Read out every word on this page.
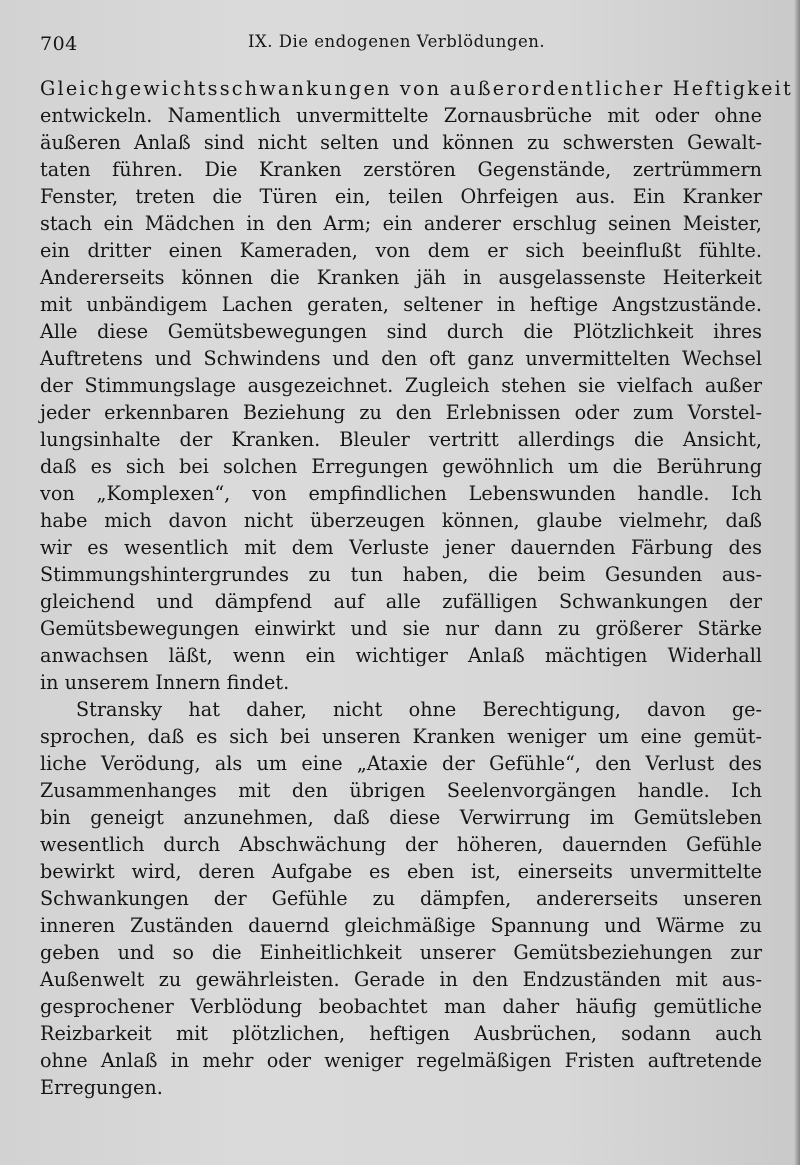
704	IX. Die endogenen Verblödungen.
Gleichgewichtsschwankungen von außerordentlicher Heftigkeit
entwickeln. Namentlich unvermittelte Zornausbrüche mit oder ohne
äußeren Anlaß sind nicht selten und können zu schwersten Gewalt-
taten führen. Die Kranken zerstören Gegenstände, zertrümmern
Fenster, treten die Türen ein, teilen Ohrfeigen aus. Ein Kranker
stach ein Mädchen in den Arm; ein anderer erschlug seinen Meister,
ein dritter einen Kameraden, von dem er sich beeinflußt fühlte.
Andererseits können die Kranken jäh in ausgelassenste Heiterkeit
mit unbändigem Lachen geraten, seltener in heftige Angstzustände.
Alle diese Gemütsbewegungen sind durch die Plötzlichkeit ihres
Auftretens und Schwindens und den oft ganz unvermittelten Wechsel
der Stimmungslage ausgezeichnet. Zugleich stehen sie vielfach außer
jeder erkennbaren Beziehung zu den Erlebnissen oder zum Vorstel-
lungsinhalte der Kranken. Bleuler vertritt allerdings die Ansicht,
daß es sich bei solchen Erregungen gewöhnlich um die Berührung
von „Komplexen“, von empfindlichen Lebenswunden handle. Ich
habe mich davon nicht überzeugen können, glaube vielmehr, daß
wir es wesentlich mit dem Verluste jener dauernden Färbung des
Stimmungshintergrundes zu tun haben, die beim Gesunden aus-
gleichend und dämpfend auf alle zufälligen Schwankungen der
Gemütsbewegungen einwirkt und sie nur dann zu größerer Stärke
anwachsen läßt, wenn ein wichtiger Anlaß mächtigen Widerhall
in unserem Innern findet.
Stransky hat daher, nicht ohne Berechtigung, davon ge-
sprochen, daß es sich bei unseren Kranken weniger um eine gemüt-
liche Verödung, als um eine „Ataxie der Gefühle“, den Verlust des
Zusammenhanges mit den übrigen Seelenvorgängen handle. Ich
bin geneigt anzunehmen, daß diese Verwirrung im Gemütsleben
wesentlich durch Abschwächung der höheren, dauernden Gefühle
bewirkt wird, deren Aufgabe es eben ist, einerseits unvermittelte
Schwankungen der Gefühle zu dämpfen, andererseits unseren
inneren Zuständen dauernd gleichmäßige Spannung und Wärme zu
geben und so die Einheitlichkeit unserer Gemütsbeziehungen zur
Außenwelt zu gewährleisten. Gerade in den Endzuständen mit aus-
gesprochener Verblödung beobachtet man daher häufig gemütliche
Reizbarkeit mit plötzlichen, heftigen Ausbrüchen, sodann auch
ohne Anlaß in mehr oder weniger regelmäßigen Fristen auftretende
Erregungen.
